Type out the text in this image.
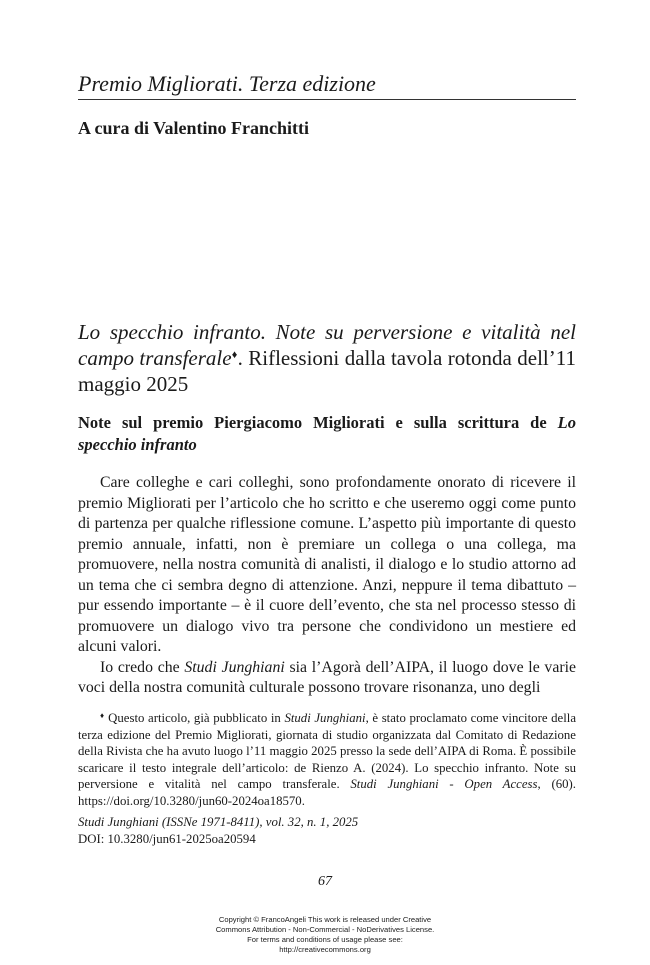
Premio Migliorati. Terza edizione
A cura di Valentino Franchitti
Lo specchio infranto. Note su perversione e vitalità nel campo transferale♦. Riflessioni dalla tavola rotonda dell’11 maggio 2025
Note sul premio Piergiacomo Migliorati e sulla scrittura de Lo specchio infranto

Care colleghe e cari colleghi, sono profondamente onorato di ricevere il premio Migliorati per l’articolo che ho scritto e che useremo oggi come punto di partenza per qualche riflessione comune. L’aspetto più importante di questo premio annuale, infatti, non è premiare un collega o una collega, ma promuovere, nella nostra comunità di analisti, il dialogo e lo studio attorno ad un tema che ci sembra degno di attenzione. Anzi, neppure il tema dibattuto – pur essendo importante – è il cuore dell’evento, che sta nel processo stesso di promuovere un dialogo vivo tra persone che condividono un mestiere ed alcuni valori.

Io credo che Studi Junghiani sia l’Agorà dell’AIPA, il luogo dove le varie voci della nostra comunità culturale possono trovare risonanza, uno degli

♦ Questo articolo, già pubblicato in Studi Junghiani, è stato proclamato come vincitore della terza edizione del Premio Migliorati, giornata di studio organizzata dal Comitato di Redazione della Rivista che ha avuto luogo l’11 maggio 2025 presso la sede dell’AIPA di Roma. È possibile scaricare il testo integrale dell’articolo: de Rienzo A. (2024). Lo specchio infranto. Note su perversione e vitalità nel campo transferale. Studi Junghiani - Open Access, (60). https://doi.org/10.3280/jun60-2024oa18570.

Studi Junghiani (ISSNe 1971-8411), vol. 32, n. 1, 2025
DOI: 10.3280/jun61-2025oa20594
67
Copyright © FrancoAngeli This work is released under Creative
Commons Attribution - Non-Commercial - NoDerivatives License.
For terms and conditions of usage please see:
http://creativecommons.org
